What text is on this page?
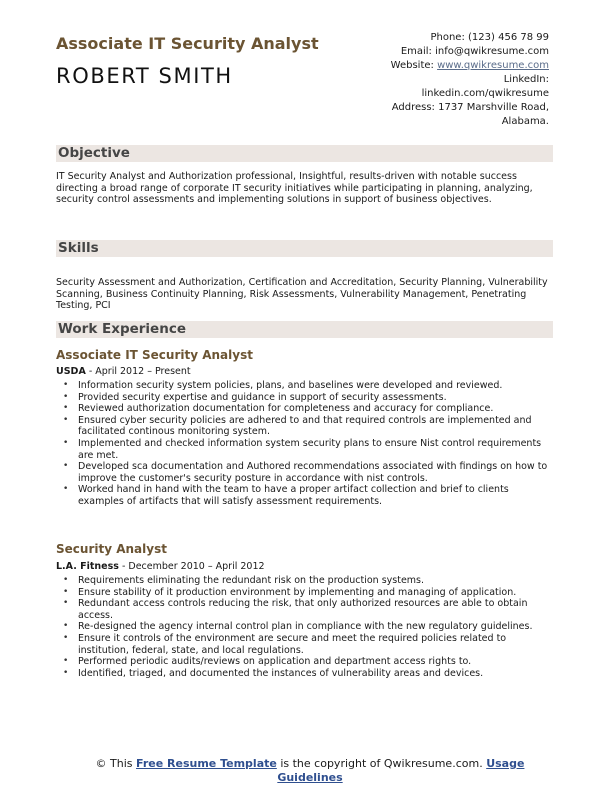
Associate IT Security Analyst
ROBERT SMITH
Phone: (123) 456 78 99
Email: info@qwikresume.com
Website: www.qwikresume.com
LinkedIn:
linkedin.com/qwikresume
Address: 1737 Marshville Road,
Alabama.
Objective
IT Security Analyst and Authorization professional, Insightful, results-driven with notable success directing a broad range of corporate IT security initiatives while participating in planning, analyzing, security control assessments and implementing solutions in support of business objectives.
Skills
Security Assessment and Authorization, Certification and Accreditation, Security Planning, Vulnerability Scanning, Business Continuity Planning, Risk Assessments, Vulnerability Management, Penetrating Testing, PCI
Work Experience
Associate IT Security Analyst
USDA - April 2012 – Present
• Information security system policies, plans, and baselines were developed and reviewed.
• Provided security expertise and guidance in support of security assessments.
• Reviewed authorization documentation for completeness and accuracy for compliance.
• Ensured cyber security policies are adhered to and that required controls are implemented and facilitated continous monitoring system.
• Implemented and checked information system security plans to ensure Nist control requirements are met.
• Developed sca documentation and Authored recommendations associated with findings on how to improve the customer's security posture in accordance with nist controls.
• Worked hand in hand with the team to have a proper artifact collection and brief to clients examples of artifacts that will satisfy assessment requirements.
Security Analyst
L.A. Fitness - December 2010 – April 2012
• Requirements eliminating the redundant risk on the production systems.
• Ensure stability of it production environment by implementing and managing of application.
• Redundant access controls reducing the risk, that only authorized resources are able to obtain access.
• Re-designed the agency internal control plan in compliance with the new regulatory guidelines.
• Ensure it controls of the environment are secure and meet the required policies related to institution, federal, state, and local regulations.
• Performed periodic audits/reviews on application and department access rights to.
• Identified, triaged, and documented the instances of vulnerability areas and devices.
© This Free Resume Template is the copyright of Qwikresume.com. Usage Guidelines
